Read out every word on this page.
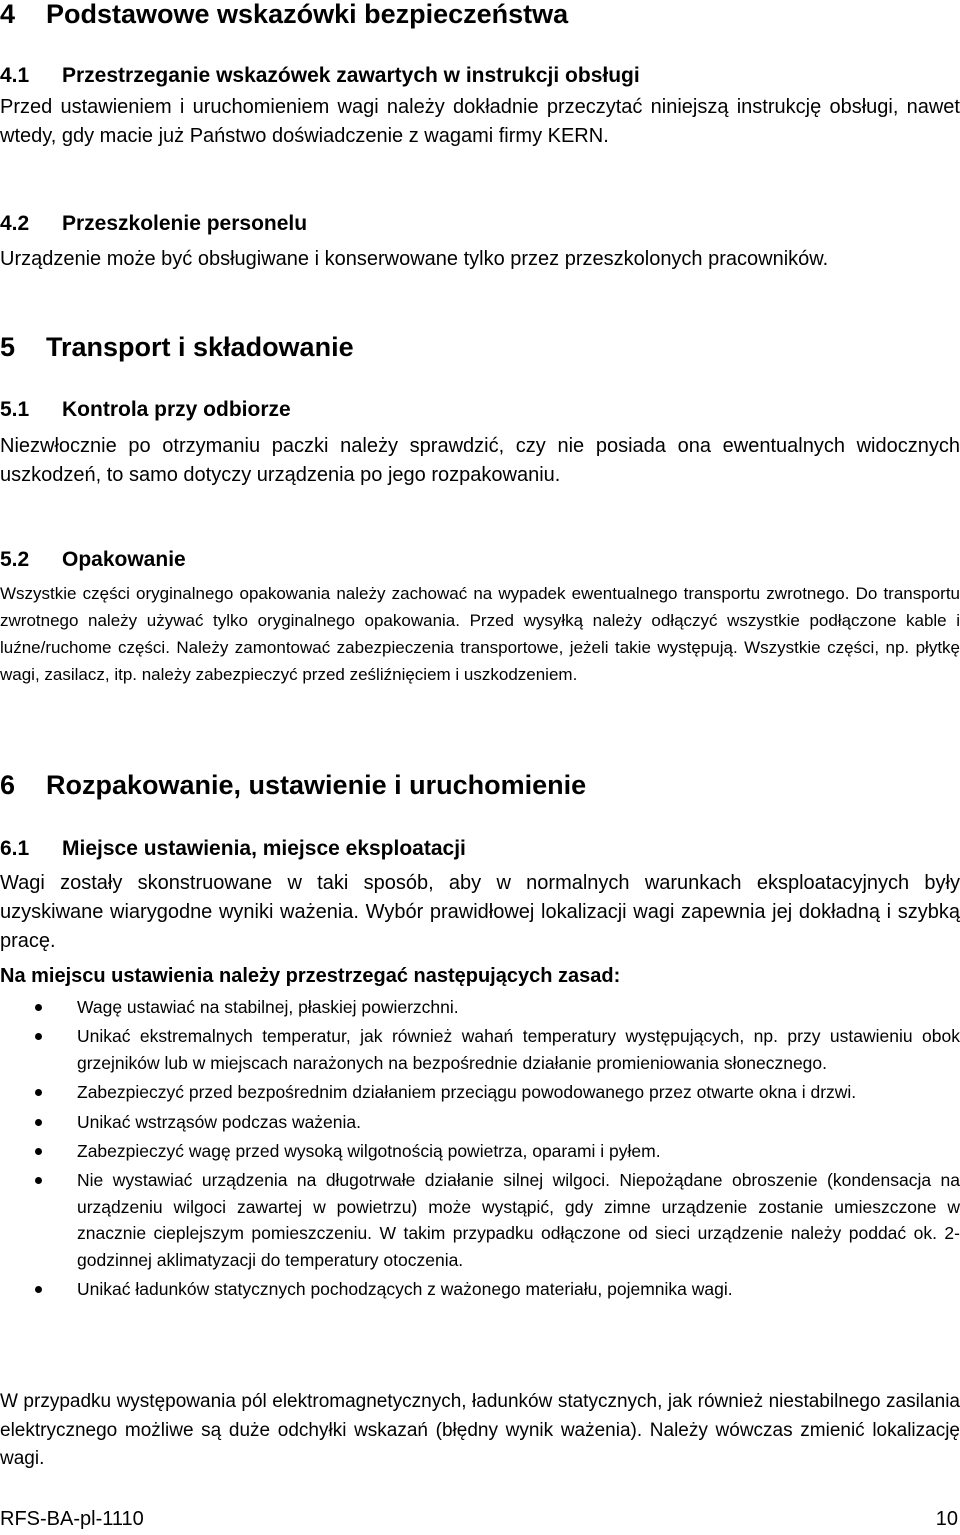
4 Podstawowe wskazówki bezpieczeństwa
4.1 Przestrzeganie wskazówek zawartych w instrukcji obsługi

Przed ustawieniem i uruchomieniem wagi należy dokładnie przeczytać niniejszą instrukcję obsługi, nawet wtedy, gdy macie już Państwo doświadczenie z wagami firmy KERN.

4.2 Przeszkolenie personelu

Urządzenie może być obsługiwane i konserwowane tylko przez przeszkolonych pracowników.

5 Transport i składowanie
5.1 Kontrola przy odbiorze

Niezwłocznie po otrzymaniu paczki należy sprawdzić, czy nie posiada ona ewentualnych widocznych uszkodzeń, to samo dotyczy urządzenia po jego rozpakowaniu.

5.2 Opakowanie

Wszystkie części oryginalnego opakowania należy zachować na wypadek ewentualnego transportu zwrotnego. Do transportu zwrotnego należy używać tylko oryginalnego opakowania. Przed wysyłką należy odłączyć wszystkie podłączone kable i luźne/ruchome części. Należy zamontować zabezpieczenia transportowe, jeżeli takie występują. Wszystkie części, np. płytkę wagi, zasilacz, itp. należy zabezpieczyć przed ześliźnięciem i uszkodzeniem.

6 Rozpakowanie, ustawienie i uruchomienie
6.1 Miejsce ustawienia, miejsce eksploatacji

Wagi zostały skonstruowane w taki sposób, aby w normalnych warunkach eksploatacyjnych były uzyskiwane wiarygodne wyniki ważenia. Wybór prawidłowej lokalizacji wagi zapewnia jej dokładną i szybką pracę.

Na miejscu ustawienia należy przestrzegać następujących zasad:

Wagę ustawiać na stabilnej, płaskiej powierzchni.
Unikać ekstremalnych temperatur, jak również wahań temperatury występujących, np. przy ustawieniu obok grzejników lub w miejscach narażonych na bezpośrednie działanie promieniowania słonecznego.
Zabezpieczyć przed bezpośrednim działaniem przeciągu powodowanego przez otwarte okna i drzwi.
Unikać wstrząsów podczas ważenia.
Zabezpieczyć wagę przed wysoką wilgotnością powietrza, oparami i pyłem.
Nie wystawiać urządzenia na długotrwałe działanie silnej wilgoci. Niepożądane obroszenie (kondensacja na urządzeniu wilgoci zawartej w powietrzu) może wystąpić, gdy zimne urządzenie zostanie umieszczone w znacznie cieplejszym pomieszczeniu. W takim przypadku odłączone od sieci urządzenie należy poddać ok. 2-godzinnej aklimatyzacji do temperatury otoczenia.
Unikać ładunków statycznych pochodzących z ważonego materiału, pojemnika wagi.

W przypadku występowania pól elektromagnetycznych, ładunków statycznych, jak również niestabilnego zasilania elektrycznego możliwe są duże odchyłki wskazań (błędny wynik ważenia). Należy wówczas zmienić lokalizację wagi.

RFS-BA-pl-1110	10
